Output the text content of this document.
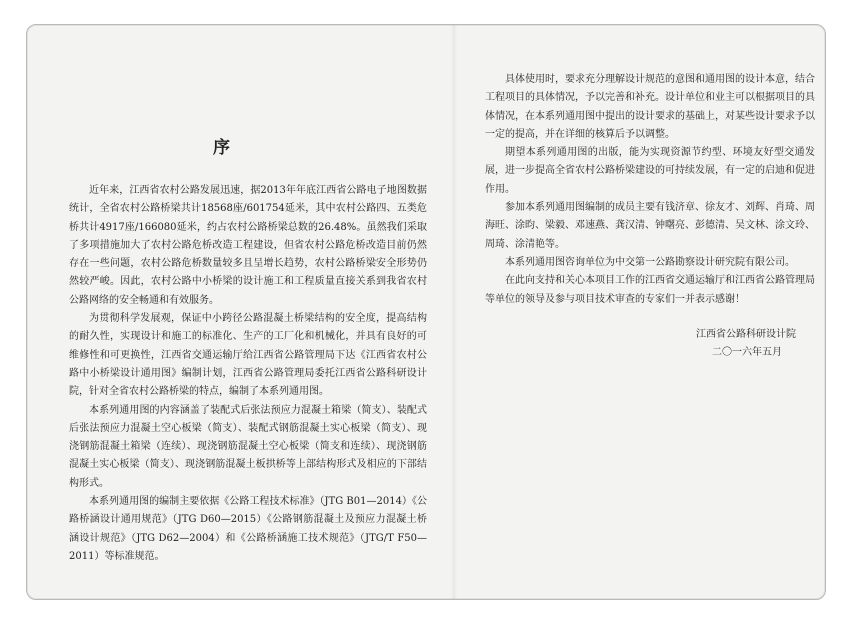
序

近年来，江西省农村公路发展迅速，据2013年年底江西省公路电子地图数据统计，全省农村公路桥梁共计18568座/601754延米，其中农村公路四、五类危桥共计4917座/166080延米，约占农村公路桥梁总数的26.48%。虽然我们采取了多项措施加大了农村公路危桥改造工程建设，但省农村公路危桥改造目前仍然存在一些问题，农村公路危桥数量较多且呈增长趋势，农村公路桥梁安全形势仍然较严峻。因此，农村公路中小桥梁的设计施工和工程质量直接关系到我省农村公路网络的安全畅通和有效服务。

为贯彻科学发展观，保证中小跨径公路混凝土桥梁结构的安全度，提高结构的耐久性，实现设计和施工的标准化、生产的工厂化和机械化，并具有良好的可维修性和可更换性，江西省交通运输厅给江西省公路管理局下达《江西省农村公路中小桥梁设计通用图》编制计划，江西省公路管理局委托江西省公路科研设计院，针对全省农村公路桥梁的特点，编制了本系列通用图。

本系列通用图的内容涵盖了装配式后张法预应力混凝土箱梁（简支）、装配式后张法预应力混凝土空心板梁（简支）、装配式钢筋混凝土实心板梁（简支）、现浇钢筋混凝土箱梁（连续）、现浇钢筋混凝土空心板梁（简支和连续）、现浇钢筋混凝土实心板梁（简支）、现浇钢筋混凝土板拱桥等上部结构形式及相应的下部结构形式。

本系列通用图的编制主要依据《公路工程技术标准》（JTG B01—2014）《公路桥涵设计通用规范》（JTG D60—2015）《公路钢筋混凝土及预应力混凝土桥涵设计规范》（JTG D62—2004）和《公路桥涵施工技术规范》（JTG/T F50—2011）等标准规范。

具体使用时，要求充分理解设计规范的意图和通用图的设计本意，结合工程项目的具体情况，予以完善和补充。设计单位和业主可以根据项目的具体情况，在本系列通用图中提出的设计要求的基础上，对某些设计要求予以一定的提高，并在详细的核算后予以调整。

期望本系列通用图的出版，能为实现资源节约型、环境友好型交通发展，进一步提高全省农村公路桥梁建设的可持续发展，有一定的启迪和促进作用。

参加本系列通用图编制的成员主要有钱济章、徐友才、刘辉、肖琦、周海旺、涂昀、梁毅、邓速燕、龚汉清、钟曙亮、彭德清、吴文林、涂文玲、周琦、涂清艳等。

本系列通用图咨询单位为中交第一公路勘察设计研究院有限公司。

在此向支持和关心本项目工作的江西省交通运输厅和江西省公路管理局等单位的领导及参与项目技术审查的专家们一并表示感谢！

江西省公路科研设计院
二〇一六年五月
